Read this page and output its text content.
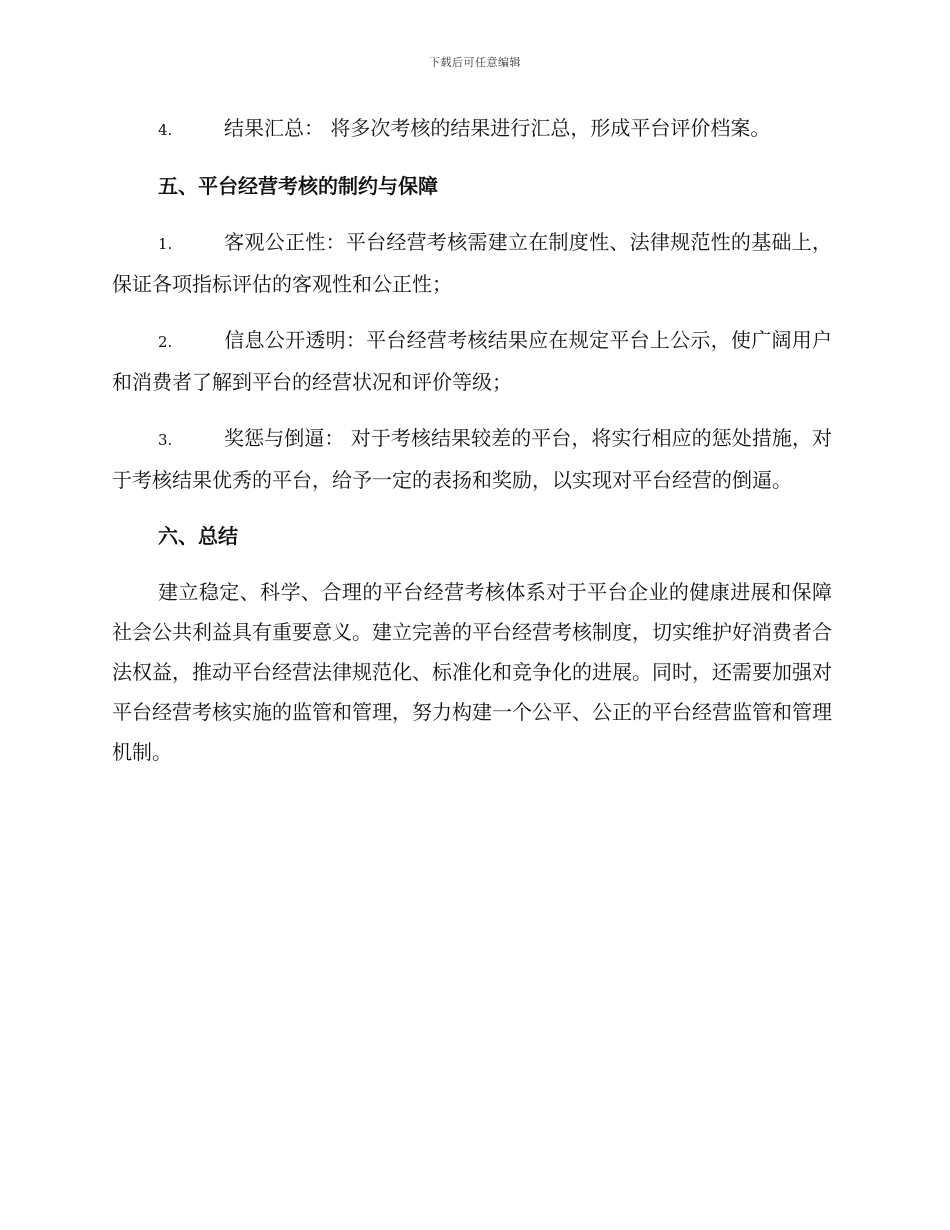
下载后可任意编辑

4.	结果汇总： 将多次考核的结果进行汇总，形成平台评价档案。

五、平台经营考核的制约与保障

1.	客观公正性：平台经营考核需建立在制度性、法律规范性的基础上，保证各项指标评估的客观性和公正性；

2.	信息公开透明：平台经营考核结果应在规定平台上公示，使广阔用户和消费者了解到平台的经营状况和评价等级；

3.	奖惩与倒逼： 对于考核结果较差的平台，将实行相应的惩处措施，对于考核结果优秀的平台，给予一定的表扬和奖励，以实现对平台经营的倒逼。

六、总结

建立稳定、科学、合理的平台经营考核体系对于平台企业的健康进展和保障社会公共利益具有重要意义。建立完善的平台经营考核制度，切实维护好消费者合法权益，推动平台经营法律规范化、标准化和竞争化的进展。同时，还需要加强对平台经营考核实施的监管和管理，努力构建一个公平、公正的平台经营监管和管理机制。
